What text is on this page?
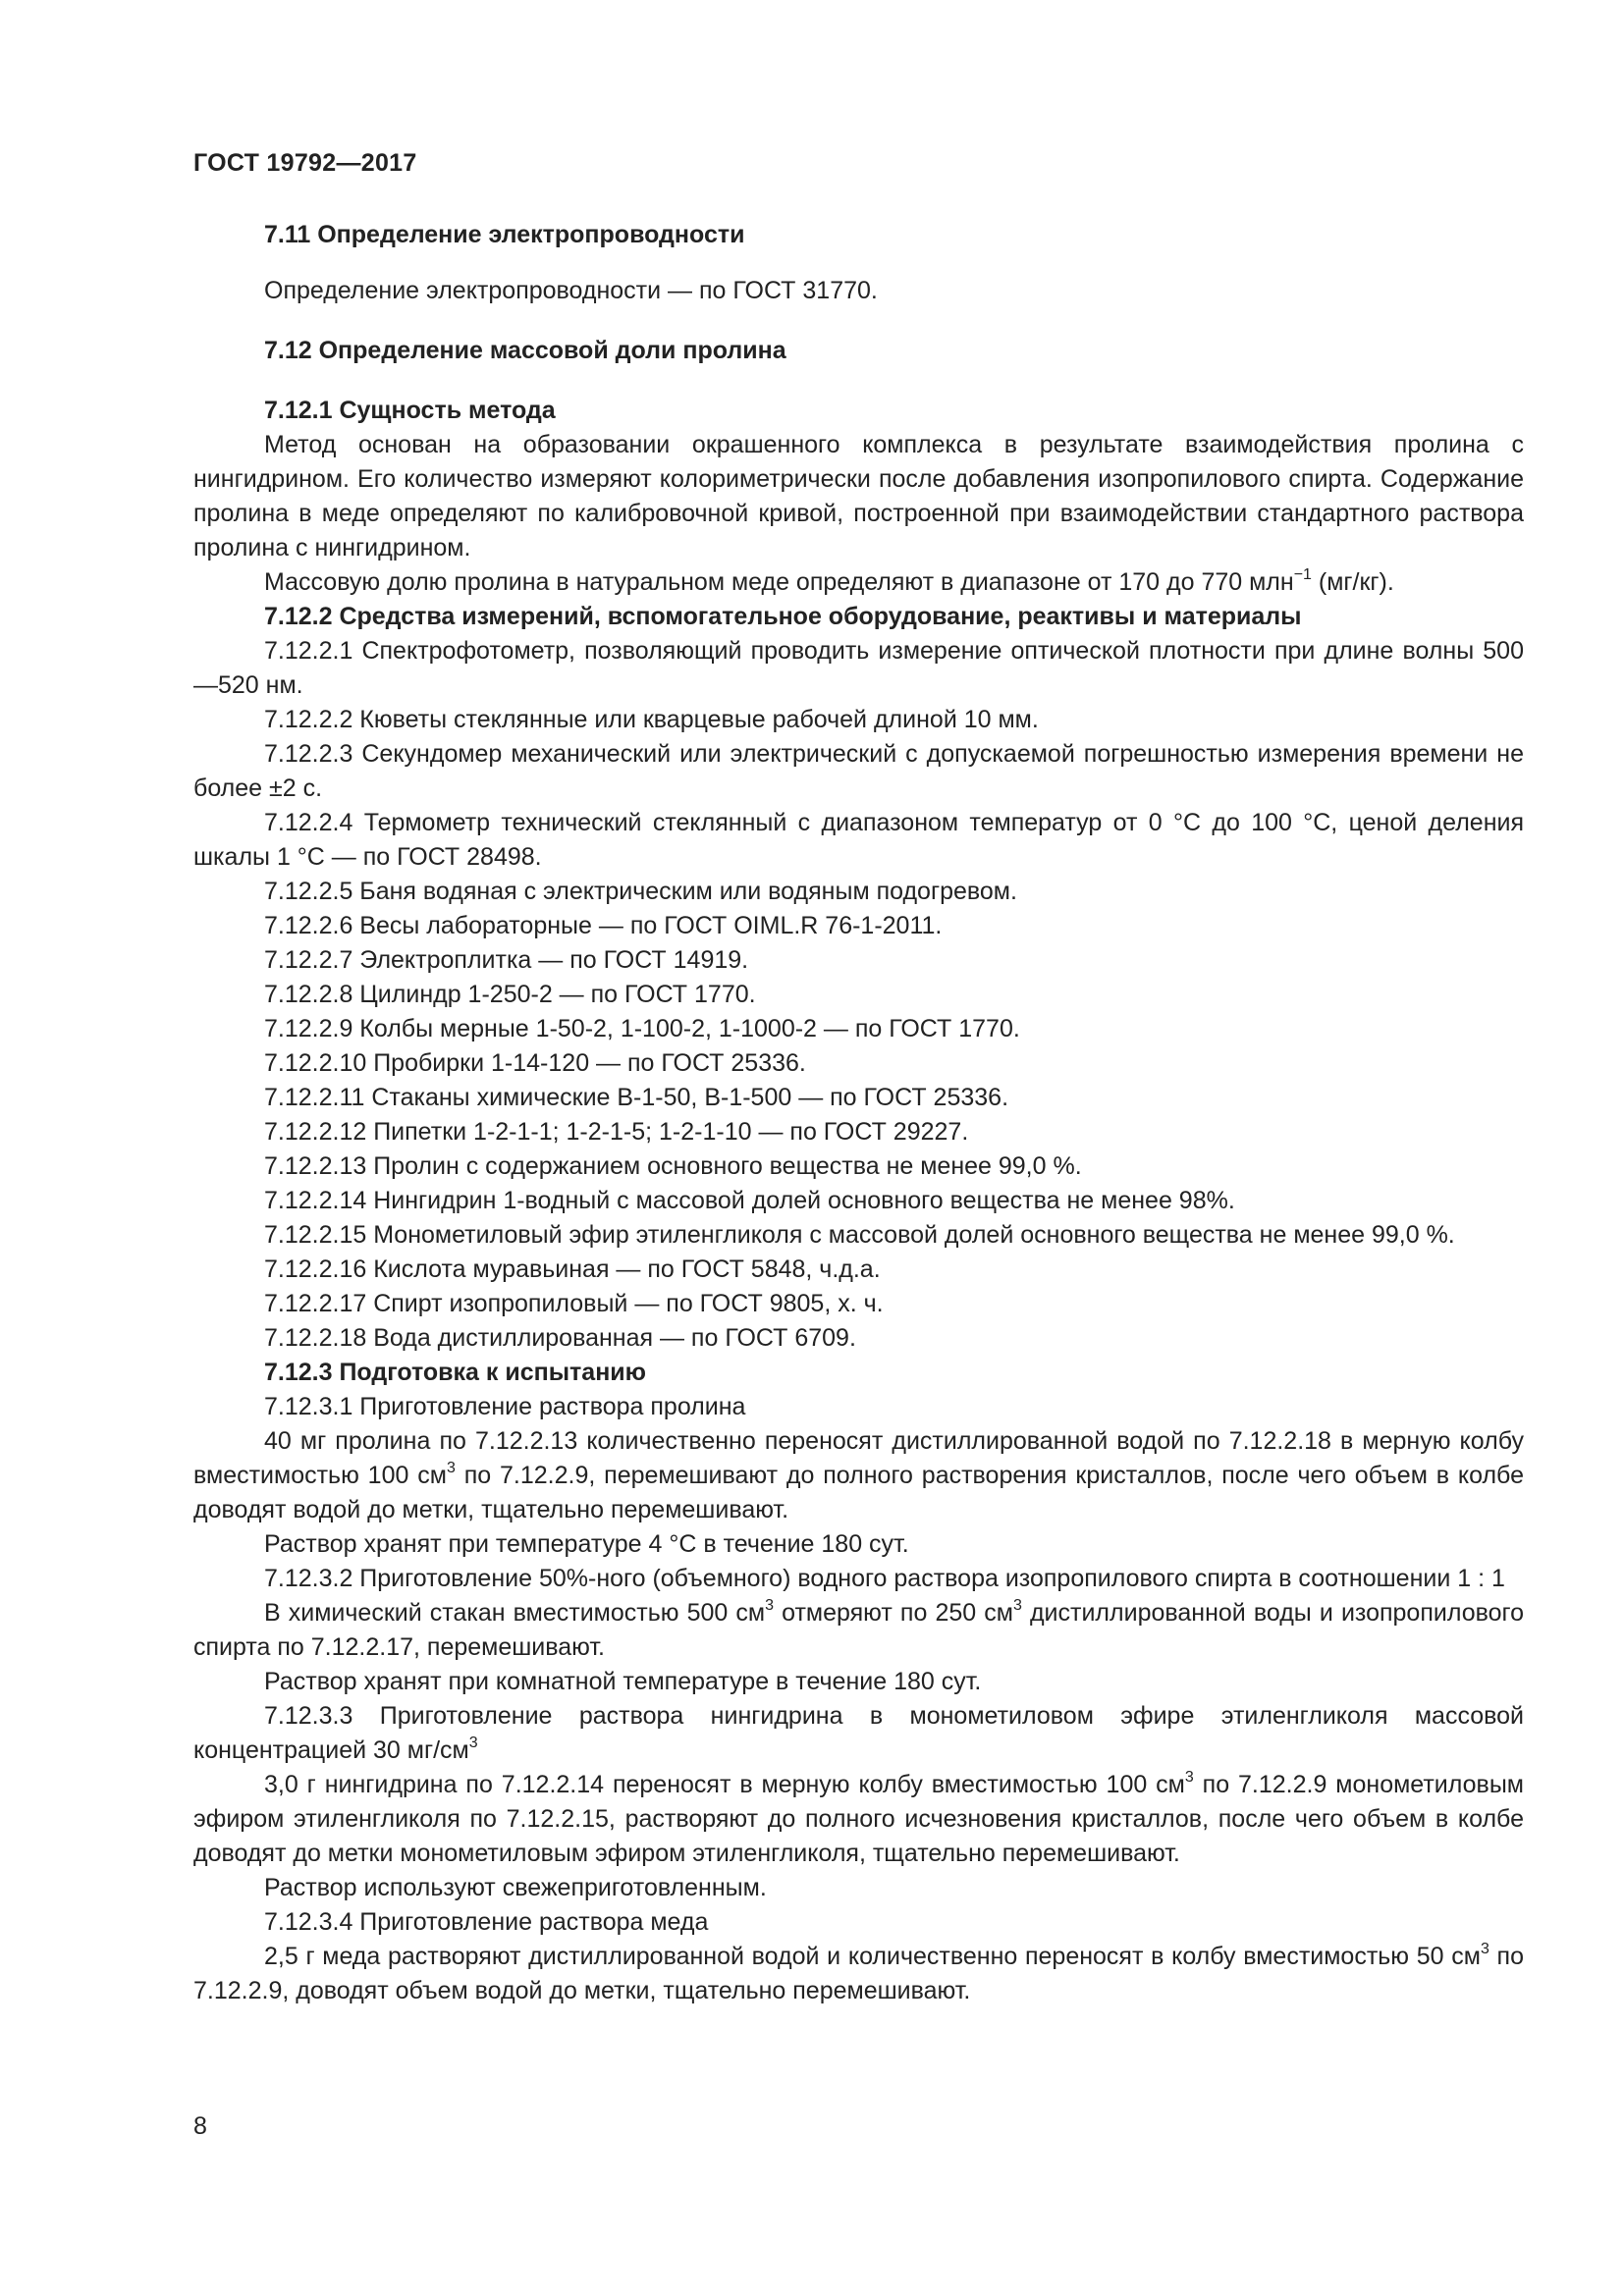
ГОСТ 19792—2017

7.11 Определение электропроводности

Определение электропроводности — по ГОСТ 31770.

7.12 Определение массовой доли пролина

7.12.1 Сущность метода

Метод основан на образовании окрашенного комплекса в результате взаимодействия пролина с нингидрином. Его количество измеряют колориметрически после добавления изопропилового спирта. Содержание пролина в меде определяют по калибровочной кривой, построенной при взаимодействии стандартного раствора пролина с нингидрином.

Массовую долю пролина в натуральном меде определяют в диапазоне от 170 до 770 млн$^{-1}$ (мг/кг).

7.12.2 Средства измерений, вспомогательное оборудование, реактивы и материалы

7.12.2.1 Спектрофотометр, позволяющий проводить измерение оптической плотности при длине волны 500—520 нм.

7.12.2.2 Кюветы стеклянные или кварцевые рабочей длиной 10 мм.

7.12.2.3 Секундомер механический или электрический с допускаемой погрешностью измерения времени не более ±2 с.

7.12.2.4 Термометр технический стеклянный с диапазоном температур от 0 °С до 100 °С, ценой деления шкалы 1 °С — по ГОСТ 28498.

7.12.2.5 Баня водяная с электрическим или водяным подогревом.

7.12.2.6 Весы лабораторные — по ГОСТ OIML.R 76-1-2011.

7.12.2.7 Электроплитка — по ГОСТ 14919.

7.12.2.8 Цилиндр 1-250-2 — по ГОСТ 1770.

7.12.2.9 Колбы мерные 1-50-2, 1-100-2, 1-1000-2 — по ГОСТ 1770.

7.12.2.10 Пробирки 1-14-120 — по ГОСТ 25336.

7.12.2.11 Стаканы химические В-1-50, В-1-500 — по ГОСТ 25336.

7.12.2.12 Пипетки 1-2-1-1; 1-2-1-5; 1-2-1-10 — по ГОСТ 29227.

7.12.2.13 Пролин с содержанием основного вещества не менее 99,0 %.

7.12.2.14 Нингидрин 1-водный с массовой долей основного вещества не менее 98%.

7.12.2.15 Монометиловый эфир этиленгликоля с массовой долей основного вещества не менее 99,0 %.

7.12.2.16 Кислота муравьиная — по ГОСТ 5848, ч.д.а.

7.12.2.17 Спирт изопропиловый — по ГОСТ 9805, х. ч.

7.12.2.18 Вода дистиллированная — по ГОСТ 6709.

7.12.3 Подготовка к испытанию

7.12.3.1 Приготовление раствора пролина

40 мг пролина по 7.12.2.13 количественно переносят дистиллированной водой по 7.12.2.18 в мерную колбу вместимостью 100 $см^3$ по 7.12.2.9, перемешивают до полного растворения кристаллов, после чего объем в колбе доводят водой до метки, тщательно перемешивают.

Раствор хранят при температуре 4 °С в течение 180 сут.

7.12.3.2 Приготовление 50%-ного (объемного) водного раствора изопропилового спирта в соотношении 1 : 1

В химический стакан вместимостью 500 $см^3$ отмеряют по 250 $см^3$ дистиллированной воды и изопропилового спирта по 7.12.2.17, перемешивают.

Раствор хранят при комнатной температуре в течение 180 сут.

7.12.3.3 Приготовление раствора нингидрина в монометиловом эфире этиленгликоля массовой концентрацией 30 $мг/см^3$

3,0 г нингидрина по 7.12.2.14 переносят в мерную колбу вместимостью 100 $см^3$ по 7.12.2.9 монометиловым эфиром этиленгликоля по 7.12.2.15, растворяют до полного исчезновения кристаллов, после чего объем в колбе доводят до метки монометиловым эфиром этиленгликоля, тщательно перемешивают.

Раствор используют свежеприготовленным.

7.12.3.4 Приготовление раствора меда

2,5 г меда растворяют дистиллированной водой и количественно переносят в колбу вместимостью 50 $см^3$ по 7.12.2.9, доводят объем водой до метки, тщательно перемешивают.

8
